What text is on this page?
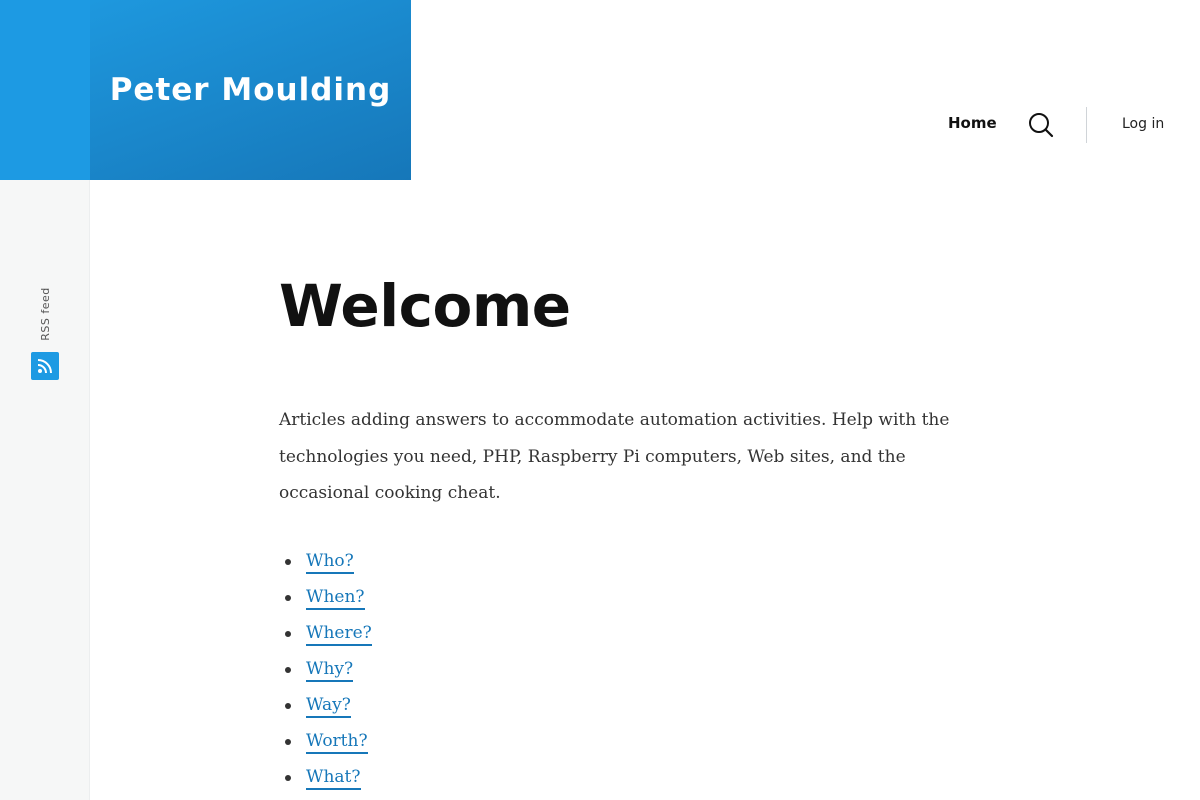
RSS feed
Peter Moulding
Home	Log in
Welcome

Articles adding answers to accommodate automation activities. Help with the technologies you need, PHP, Raspberry Pi computers, Web sites, and the occasional cooking cheat.

Who?
When?
Where?
Why?
Way?
Worth?
What?
